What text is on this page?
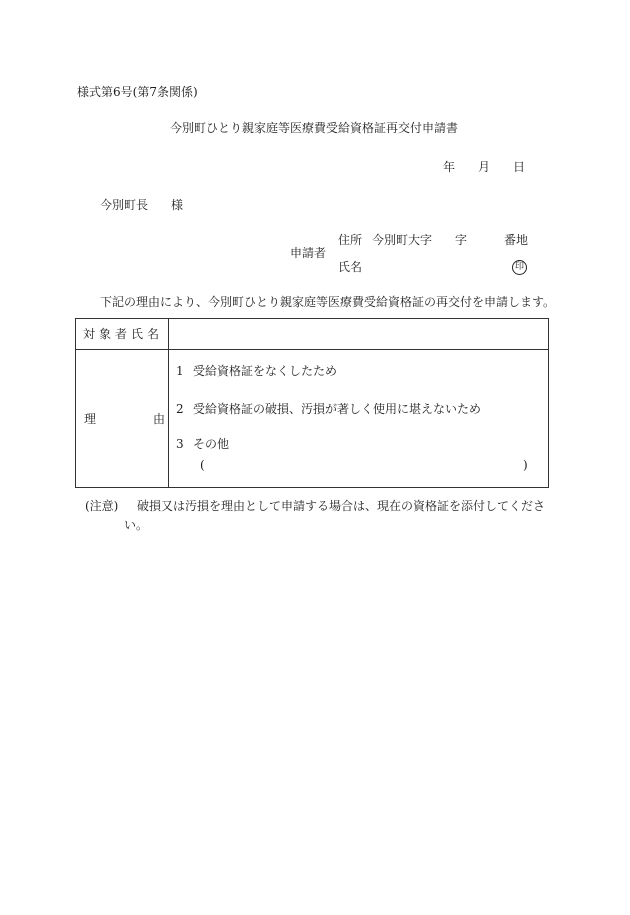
様式第6号(第7条関係)
今別町ひとり親家庭等医療費受給資格証再交付申請書
年 月 日
今別町長 様
申請者
住所 今別町大字 字	番地
氏名	印
下記の理由により、今別町ひとり親家庭等医療費受給資格証の再交付を申請します。
対象者氏名
理由
1 受給資格証をなくしたため
2 受給資格証の破損、汚損が著しく使用に堪えないため
3 その他
(	)
(注意)	破損又は汚損を理由として申請する場合は、現在の資格証を添付してください。
